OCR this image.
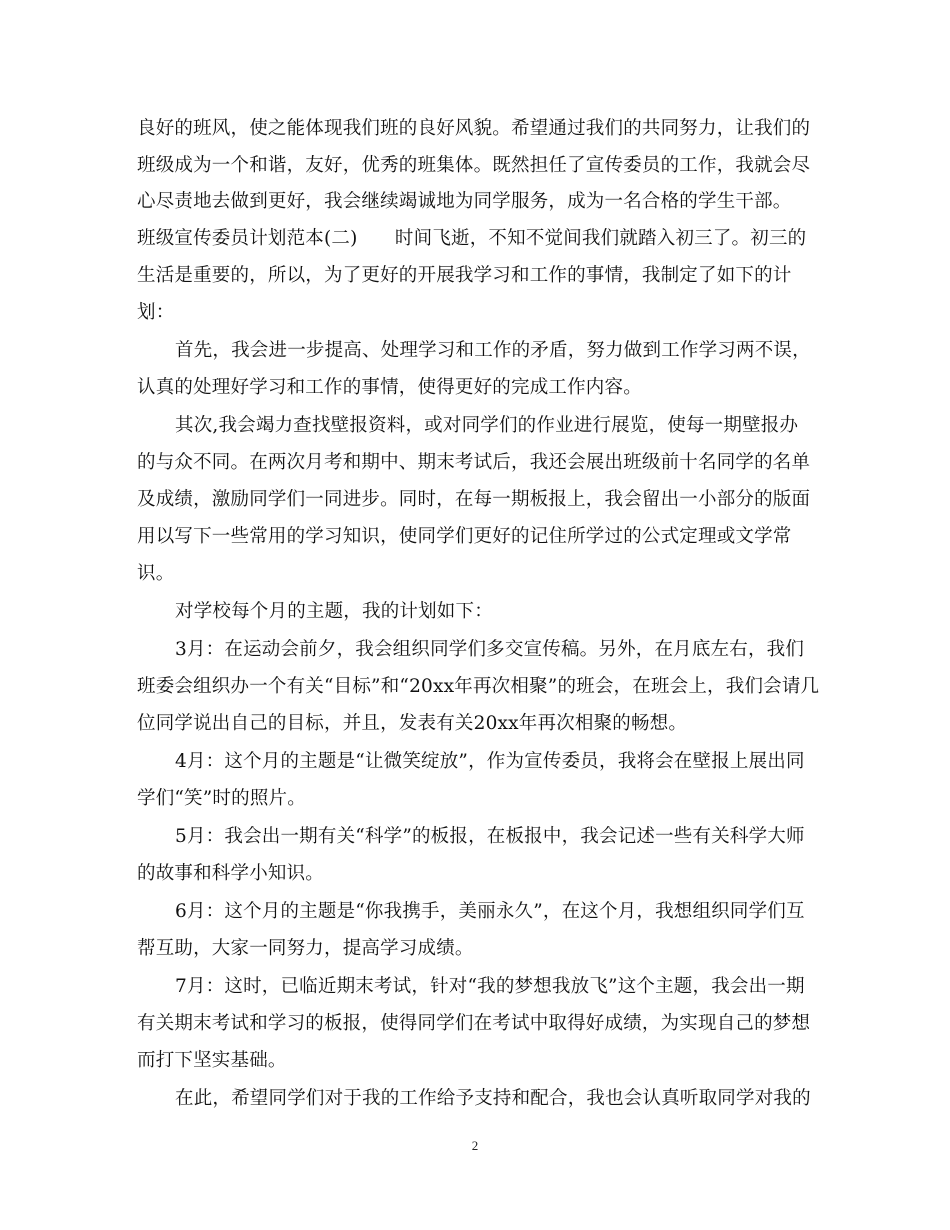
良好的班风，使之能体现我们班的良好风貌。希望通过我们的共同努力，让我们的
班级成为一个和谐，友好，优秀的班集体。既然担任了宣传委员的工作，我就会尽
心尽责地去做到更好，我会继续竭诚地为同学服务，成为一名合格的学生干部。
班级宣传委员计划范本(二)　　时间飞逝，不知不觉间我们就踏入初三了。初三的
生活是重要的，所以，为了更好的开展我学习和工作的事情，我制定了如下的计
划：
首先，我会进一步提高、处理学习和工作的矛盾，努力做到工作学习两不误，
认真的处理好学习和工作的事情，使得更好的完成工作内容。
其次,我会竭力查找壁报资料，或对同学们的作业进行展览，使每一期壁报办
的与众不同。在两次月考和期中、期末考试后，我还会展出班级前十名同学的名单
及成绩，激励同学们一同进步。同时，在每一期板报上，我会留出一小部分的版面
用以写下一些常用的学习知识，使同学们更好的记住所学过的公式定理或文学常
识。
对学校每个月的主题，我的计划如下：
3月：在运动会前夕，我会组织同学们多交宣传稿。另外，在月底左右，我们
班委会组织办一个有关“目标”和“20xx年再次相聚”的班会，在班会上，我们会请几
位同学说出自己的目标，并且，发表有关20xx年再次相聚的畅想。
4月：这个月的主题是“让微笑绽放”，作为宣传委员，我将会在壁报上展出同
学们“笑”时的照片。
5月：我会出一期有关“科学”的板报，在板报中，我会记述一些有关科学大师
的故事和科学小知识。
6月：这个月的主题是“你我携手，美丽永久”，在这个月，我想组织同学们互
帮互助，大家一同努力，提高学习成绩。
7月：这时，已临近期末考试，针对“我的梦想我放飞”这个主题，我会出一期
有关期末考试和学习的板报，使得同学们在考试中取得好成绩，为实现自己的梦想
而打下坚实基础。
在此，希望同学们对于我的工作给予支持和配合，我也会认真听取同学对我的
2
